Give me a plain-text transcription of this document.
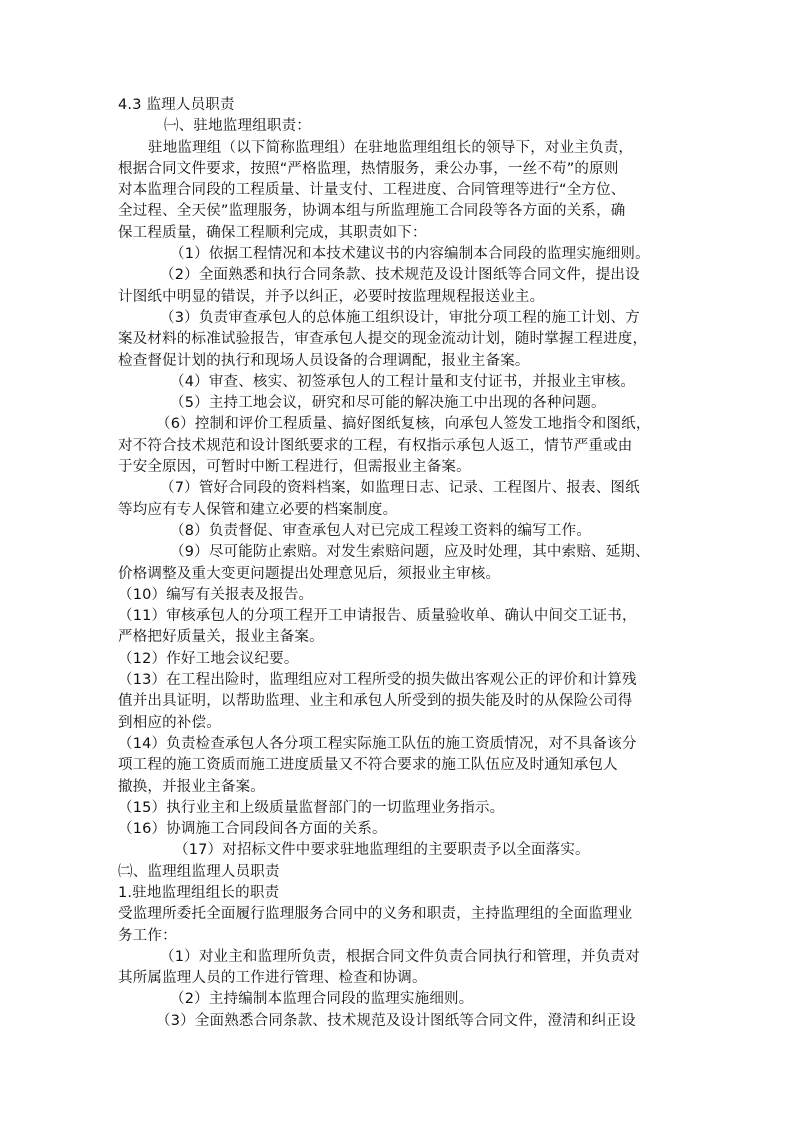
4.3 监理人员职责
㈠、驻地监理组职责：
驻地监理组（以下简称监理组）在驻地监理组组长的领导下，对业主负责，
根据合同文件要求，按照“严格监理，热情服务，秉公办事，一丝不苟”的原则
对本监理合同段的工程质量、计量支付、工程进度、合同管理等进行“全方位、
全过程、全天侯”监理服务，协调本组与所监理施工合同段等各方面的关系，确
保工程质量，确保工程顺利完成，其职责如下：
（1）依据工程情况和本技术建议书的内容编制本合同段的监理实施细则。
（2）全面熟悉和执行合同条款、技术规范及设计图纸等合同文件，提出设
计图纸中明显的错误，并予以纠正，必要时按监理规程报送业主。
（3）负责审查承包人的总体施工组织设计，审批分项工程的施工计划、方
案及材料的标准试验报告，审查承包人提交的现金流动计划，随时掌握工程进度，
检查督促计划的执行和现场人员设备的合理调配，报业主备案。
（4）审查、核实、初签承包人的工程计量和支付证书，并报业主审核。
（5）主持工地会议，研究和尽可能的解决施工中出现的各种问题。
（6）控制和评价工程质量、搞好图纸复核，向承包人签发工地指令和图纸，
对不符合技术规范和设计图纸要求的工程，有权指示承包人返工，情节严重或由
于安全原因，可暂时中断工程进行，但需报业主备案。
（7）管好合同段的资料档案，如监理日志、记录、工程图片、报表、图纸
等均应有专人保管和建立必要的档案制度。
（8）负责督促、审查承包人对已完成工程竣工资料的编写工作。
（9）尽可能防止索赔。对发生索赔问题，应及时处理，其中索赔、延期、
价格调整及重大变更问题提出处理意见后，须报业主审核。
（10）编写有关报表及报告。
（11）审核承包人的分项工程开工申请报告、质量验收单、确认中间交工证书，
严格把好质量关，报业主备案。
（12）作好工地会议纪要。
（13）在工程出险时，监理组应对工程所受的损失做出客观公正的评价和计算残
值并出具证明，以帮助监理、业主和承包人所受到的损失能及时的从保险公司得
到相应的补偿。
（14）负责检查承包人各分项工程实际施工队伍的施工资质情况，对不具备该分
项工程的施工资质而施工进度质量又不符合要求的施工队伍应及时通知承包人
撤换，并报业主备案。
（15）执行业主和上级质量监督部门的一切监理业务指示。
（16）协调施工合同段间各方面的关系。
（17）对招标文件中要求驻地监理组的主要职责予以全面落实。
㈡、监理组监理人员职责
1.驻地监理组组长的职责
受监理所委托全面履行监理服务合同中的义务和职责，主持监理组的全面监理业
务工作：
（1）对业主和监理所负责，根据合同文件负责合同执行和管理，并负责对
其所属监理人员的工作进行管理、检查和协调。
（2）主持编制本监理合同段的监理实施细则。
（3）全面熟悉合同条款、技术规范及设计图纸等合同文件，澄清和纠正设
